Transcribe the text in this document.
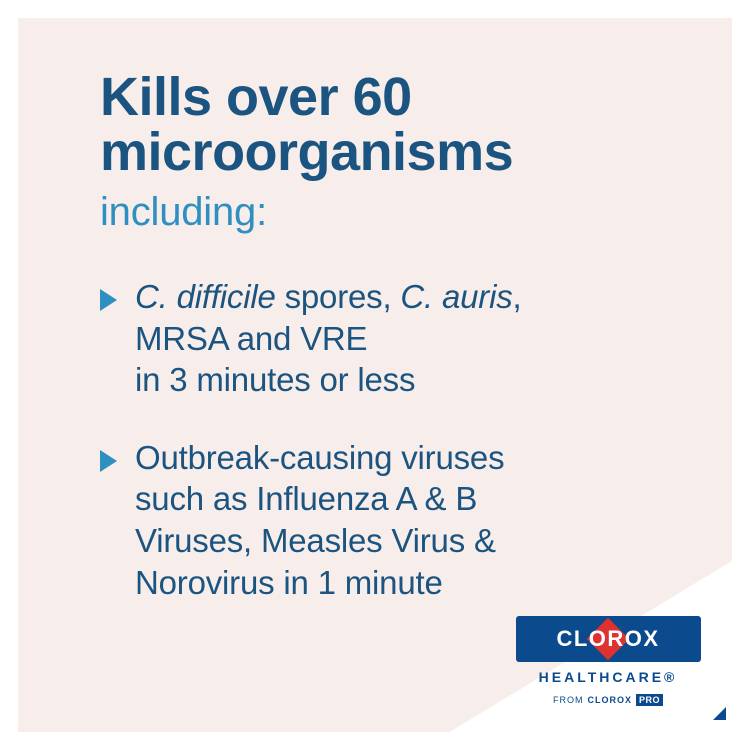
Kills over 60
microorganisms

including:

C. difficile spores, C. auris,
MRSA and VRE
in 3 minutes or less
Outbreak-causing viruses
such as Influenza A & B
Viruses, Measles Virus &
Norovirus in 1 minute
CLOROX
HEALTHCARE®
FROM CLOROX PRO
